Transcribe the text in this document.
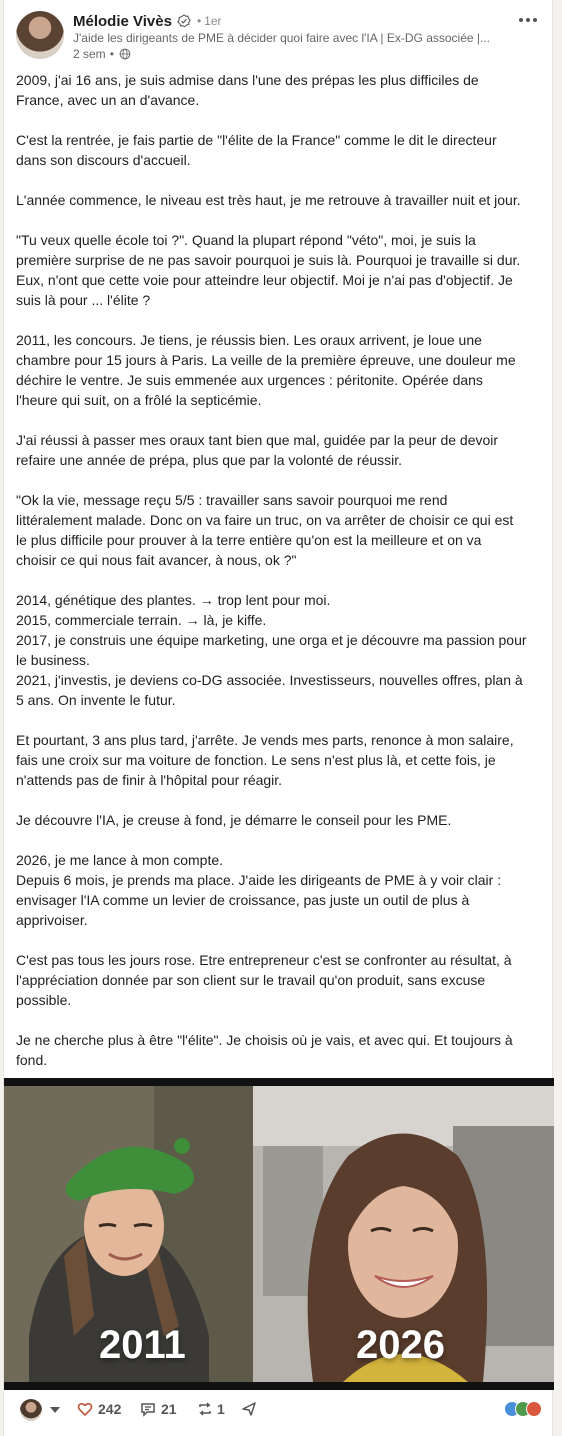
Mélodie Vivès • 1er
J'aide les dirigeants de PME à décider quoi faire avec l'IA | Ex-DG associée |...
2 sem •
2009, j'ai 16 ans, je suis admise dans l'une des prépas les plus difficiles de
France, avec un an d'avance.
C'est la rentrée, je fais partie de "l'élite de la France" comme le dit le directeur
dans son discours d'accueil.
L'année commence, le niveau est très haut, je me retrouve à travailler nuit et jour.
"Tu veux quelle école toi ?". Quand la plupart répond "véto", moi, je suis la
première surprise de ne pas savoir pourquoi je suis là. Pourquoi je travaille si dur.
Eux, n'ont que cette voie pour atteindre leur objectif. Moi je n'ai pas d'objectif. Je
suis là pour ... l'élite ?
2011, les concours. Je tiens, je réussis bien. Les oraux arrivent, je loue une
chambre pour 15 jours à Paris. La veille de la première épreuve, une douleur me
déchire le ventre. Je suis emmenée aux urgences : péritonite. Opérée dans
l'heure qui suit, on a frôlé la septicémie.
J'ai réussi à passer mes oraux tant bien que mal, guidée par la peur de devoir
refaire une année de prépa, plus que par la volonté de réussir.
"Ok la vie, message reçu 5/5 : travailler sans savoir pourquoi me rend
littéralement malade. Donc on va faire un truc, on va arrêter de choisir ce qui est
le plus difficile pour prouver à la terre entière qu'on est la meilleure et on va
choisir ce qui nous fait avancer, à nous, ok ?"
2014, génétique des plantes. → trop lent pour moi.
2015, commerciale terrain. → là, je kiffe.
2017, je construis une équipe marketing, une orga et je découvre ma passion pour
le business.
2021, j'investis, je deviens co-DG associée. Investisseurs, nouvelles offres, plan à
5 ans. On invente le futur.
Et pourtant, 3 ans plus tard, j'arrête. Je vends mes parts, renonce à mon salaire,
fais une croix sur ma voiture de fonction. Le sens n'est plus là, et cette fois, je
n'attends pas de finir à l'hôpital pour réagir.
Je découvre l'IA, je creuse à fond, je démarre le conseil pour les PME.
2026, je me lance à mon compte.
Depuis 6 mois, je prends ma place. J'aide les dirigeants de PME à y voir clair :
envisager l'IA comme un levier de croissance, pas juste un outil de plus à
apprivoiser.
C'est pas tous les jours rose. Etre entrepreneur c'est se confronter au résultat, à
l'appréciation donnée par son client sur le travail qu'on produit, sans excuse
possible.
Je ne cherche plus à être "l'élite". Je choisis où je vais, et avec qui. Et toujours à
fond.
2011	2026
242	21	1
